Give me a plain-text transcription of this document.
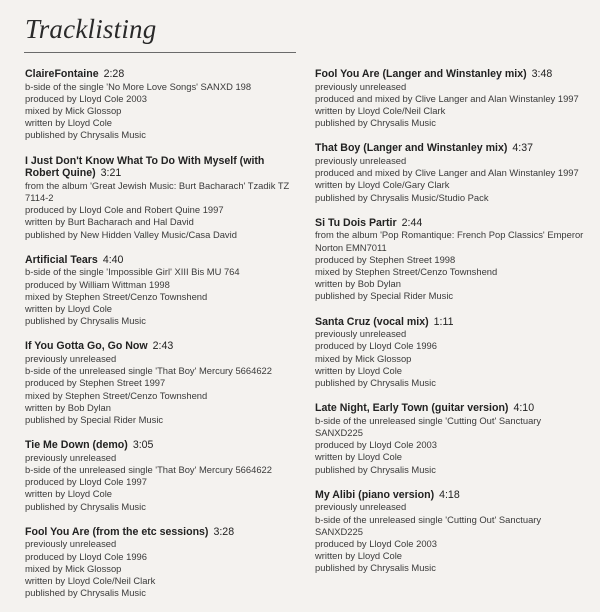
Tracklisting
ClaireFontaine 2:28
b-side of the single 'No More Love Songs' SANXD 198
produced by Lloyd Cole 2003
mixed by Mick Glossop
written by Lloyd Cole
published by Chrysalis Music
I Just Don't Know What To Do With Myself (with Robert Quine) 3:21
from the album 'Great Jewish Music: Burt Bacharach' Tzadik TZ 7114-2
produced by Lloyd Cole and Robert Quine 1997
written by Burt Bacharach and Hal David
published by New Hidden Valley Music/Casa David
Artificial Tears 4:40
b-side of the single 'Impossible Girl' XIII Bis MU 764
produced by William Wittman 1998
mixed by Stephen Street/Cenzo Townshend
written by Lloyd Cole
published by Chrysalis Music
If You Gotta Go, Go Now 2:43
previously unreleased
b-side of the unreleased single 'That Boy' Mercury 5664622
produced by Stephen Street 1997
mixed by Stephen Street/Cenzo Townshend
written by Bob Dylan
published by Special Rider Music
Tie Me Down (demo) 3:05
previously unreleased
b-side of the unreleased single 'That Boy' Mercury 5664622
produced by Lloyd Cole 1997
written by Lloyd Cole
published by Chrysalis Music
Fool You Are (from the etc sessions) 3:28
previously unreleased
produced by Lloyd Cole 1996
mixed by Mick Glossop
written by Lloyd Cole/Neil Clark
published by Chrysalis Music
Fool You Are (Langer and Winstanley mix) 3:48
previously unreleased
produced and mixed by Clive Langer and Alan Winstanley 1997
written by Lloyd Cole/Neil Clark
published by Chrysalis Music
That Boy (Langer and Winstanley mix) 4:37
previously unreleased
produced and mixed by Clive Langer and Alan Winstanley 1997
written by Lloyd Cole/Gary Clark
published by Chrysalis Music/Studio Pack
Si Tu Dois Partir 2:44
from the album 'Pop Romantique: French Pop Classics' Emperor Norton EMN7011
produced by Stephen Street 1998
mixed by Stephen Street/Cenzo Townshend
written by Bob Dylan
published by Special Rider Music
Santa Cruz (vocal mix) 1:11
previously unreleased
produced by Lloyd Cole 1996
mixed by Mick Glossop
written by Lloyd Cole
published by Chrysalis Music
Late Night, Early Town (guitar version) 4:10
b-side of the unreleased single 'Cutting Out' Sanctuary SANXD225
produced by Lloyd Cole 2003
written by Lloyd Cole
published by Chrysalis Music
My Alibi (piano version) 4:18
previously unreleased
b-side of the unreleased single 'Cutting Out' Sanctuary SANXD225
produced by Lloyd Cole 2003
written by Lloyd Cole
published by Chrysalis Music
